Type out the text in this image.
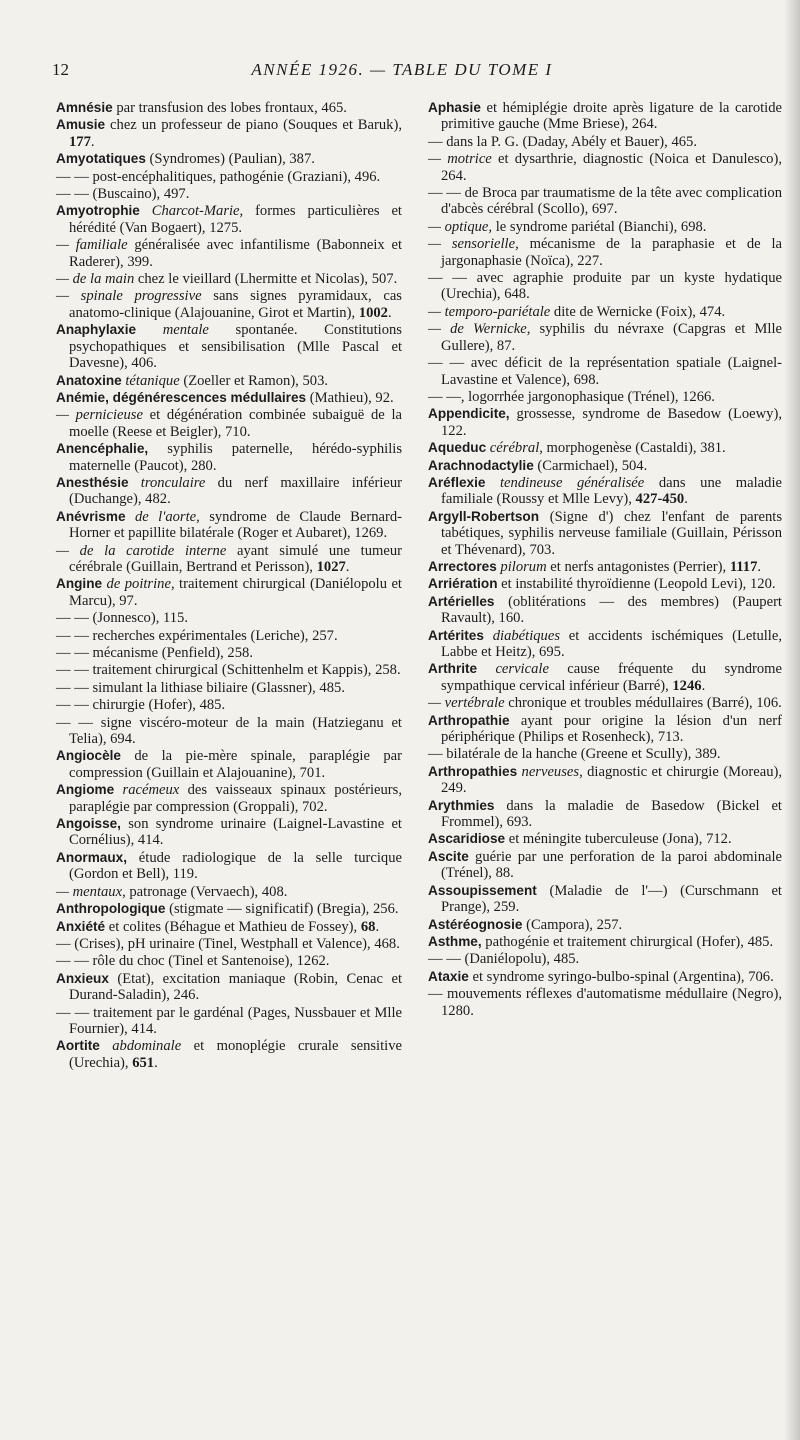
12	ANNÉE 1926. — TABLE DU TOME I
Amnésie par transfusion des lobes frontaux, 465.
Amusie chez un professeur de piano (Souques et Baruk), 177.
Amyotatiques (Syndromes) (Paulian), 387.
— — post-encéphalitiques, pathogénie (Graziani), 496.
— — (Buscaino), 497.
Amyotrophie Charcot-Marie, formes particulières et hérédité (Van Bogaert), 1275.
— familiale généralisée avec infantilisme (Babonneix et Raderer), 399.
— de la main chez le vieillard (Lhermitte et Nicolas), 507.
— spinale progressive sans signes pyramidaux, cas anatomo-clinique (Alajouanine, Girot et Martin), 1002.
Anaphylaxie mentale spontanée. Constitutions psychopathiques et sensibilisation (Mlle Pascal et Davesne), 406.
Anatoxine tétanique (Zoeller et Ramon), 503.
Anémie, dégénérescences médullaires (Mathieu), 92.
— pernicieuse et dégénération combinée subaiguë de la moelle (Reese et Beigler), 710.
Anencéphalie, syphilis paternelle, hérédo-syphilis maternelle (Paucot), 280.
Anesthésie tronculaire du nerf maxillaire inférieur (Duchange), 482.
Anévrisme de l'aorte, syndrome de Claude Bernard-Horner et papillite bilatérale (Roger et Aubaret), 1269.
— de la carotide interne ayant simulé une tumeur cérébrale (Guillain, Bertrand et Perisson), 1027.
Angine de poitrine, traitement chirurgical (Daniélopolu et Marcu), 97.
— — (Jonnesco), 115.
— — recherches expérimentales (Leriche), 257.
— — mécanisme (Penfield), 258.
— — traitement chirurgical (Schittenhelm et Kappis), 258.
— — simulant la lithiase biliaire (Glassner), 485.
— — chirurgie (Hofer), 485.
— — signe viscéro-moteur de la main (Hatzieganu et Telia), 694.
Angiocèle de la pie-mère spinale, paraplégie par compression (Guillain et Alajouanine), 701.
Angiome racémeux des vaisseaux spinaux postérieurs, paraplégie par compression (Groppali), 702.
Angoisse, son syndrome urinaire (Laignel-Lavastine et Cornélius), 414.
Anormaux, étude radiologique de la selle turcique (Gordon et Bell), 119.
— mentaux, patronage (Vervaech), 408.
Anthropologique (stigmate — significatif) (Bregia), 256.
Anxiété et colites (Béhague et Mathieu de Fossey), 68.
— (Crises), pH urinaire (Tinel, Westphall et Valence), 468.
— — rôle du choc (Tinel et Santenoise), 1262.
Anxieux (Etat), excitation maniaque (Robin, Cenac et Durand-Saladin), 246.
— — traitement par le gardénal (Pages, Nussbauer et Mlle Fournier), 414.
Aortite abdominale et monoplégie crurale sensitive (Urechia), 651.
Aphasie et hémiplégie droite après ligature de la carotide primitive gauche (Mme Briese), 264.
— dans la P. G. (Daday, Abély et Bauer), 465.
— motrice et dysarthrie, diagnostic (Noica et Danulesco), 264.
— — de Broca par traumatisme de la tête avec complication d'abcès cérébral (Scollo), 697.
— optique, le syndrome pariétal (Bianchi), 698.
— sensorielle, mécanisme de la paraphasie et de la jargonaphasie (Noïca), 227.
— — avec agraphie produite par un kyste hydatique (Urechia), 648.
— temporo-pariétale dite de Wernicke (Foix), 474.
— de Wernicke, syphilis du névraxe (Capgras et Mlle Gullere), 87.
— — avec déficit de la représentation spatiale (Laignel-Lavastine et Valence), 698.
— —, logorrhée jargonophasique (Trénel), 1266.
Appendicite, grossesse, syndrome de Basedow (Loewy), 122.
Aqueduc cérébral, morphogenèse (Castaldi), 381.
Arachnodactylie (Carmichael), 504.
Aréflexie tendineuse généralisée dans une maladie familiale (Roussy et Mlle Levy), 427-450.
Argyll-Robertson (Signe d') chez l'enfant de parents tabétiques, syphilis nerveuse familiale (Guillain, Périsson et Thévenard), 703.
Arrectores pilorum et nerfs antagonistes (Perrier), 1117.
Arriération et instabilité thyroïdienne (Leopold Levi), 120.
Artérielles (oblitérations — des membres) (Paupert Ravault), 160.
Artérites diabétiques et accidents ischémiques (Letulle, Labbe et Heitz), 695.
Arthrite cervicale cause fréquente du syndrome sympathique cervical inférieur (Barré), 1246.
— vertébrale chronique et troubles médullaires (Barré), 106.
Arthropathie ayant pour origine la lésion d'un nerf périphérique (Philips et Rosenheck), 713.
— bilatérale de la hanche (Greene et Scully), 389.
Arthropathies nerveuses, diagnostic et chirurgie (Moreau), 249.
Arythmies dans la maladie de Basedow (Bickel et Frommel), 693.
Ascaridiose et méningite tuberculeuse (Jona), 712.
Ascite guérie par une perforation de la paroi abdominale (Trénel), 88.
Assoupissement (Maladie de l'—) (Curschmann et Prange), 259.
Astéréognosie (Campora), 257.
Asthme, pathogénie et traitement chirurgical (Hofer), 485.
— — (Daniélopolu), 485.
Ataxie et syndrome syringo-bulbo-spinal (Argentina), 706.
— mouvements réflexes d'automatisme médullaire (Negro), 1280.
